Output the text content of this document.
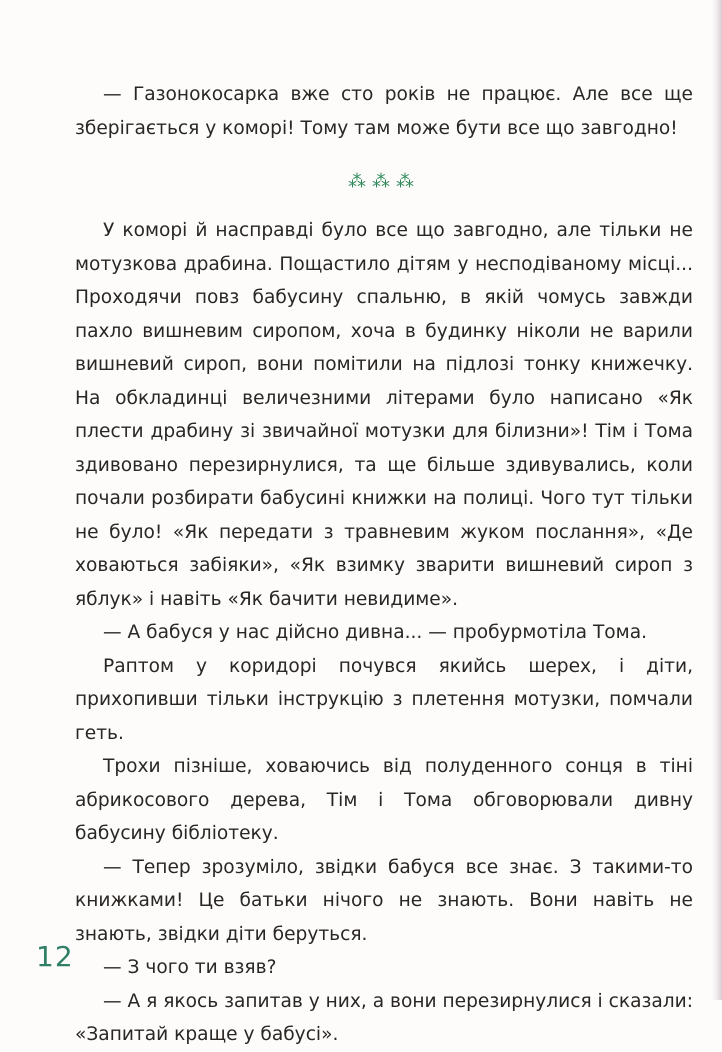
— Газонокосарка вже сто років не працює. Але все ще зберігається у коморі! Тому там може бути все що завгодно!

⁂⁂⁂

У коморі й насправді було все що завгодно, але тільки не мотузкова драбина. Пощастило дітям у несподіваному місці... Проходячи повз бабусину спальню, в якій чомусь завжди пахло вишневим сиропом, хоча в будинку ніколи не варили вишневий сироп, вони помітили на підлозі тонку книжечку. На обкладинці величезними літерами було написано «Як плести драбину зі звичайної мотузки для білизни»! Тім і Тома здивовано перезирнулися, та ще більше здивувались, коли почали розбирати бабусині книжки на полиці. Чого тут тільки не було! «Як передати з травневим жуком послання», «Де ховаються забіяки», «Як взимку зварити вишневий сироп з яблук» і навіть «Як бачити невидиме».

— А бабуся у нас дійсно дивна... — пробурмотіла Тома.

Раптом у коридорі почувся якийсь шерех, і діти, прихопивши тільки інструкцію з плетення мотузки, помчали геть.

Трохи пізніше, ховаючись від полуденного сонця в тіні абрикосового дерева, Тім і Тома обговорювали дивну бабусину бібліотеку.

— Тепер зрозуміло, звідки бабуся все знає. З такими-то книжками! Це батьки нічого не знають. Вони навіть не знають, звідки діти беруться.

— З чого ти взяв?

— А я якось запитав у них, а вони перезирнулися і сказали: «Запитай краще у бабусі».

12
